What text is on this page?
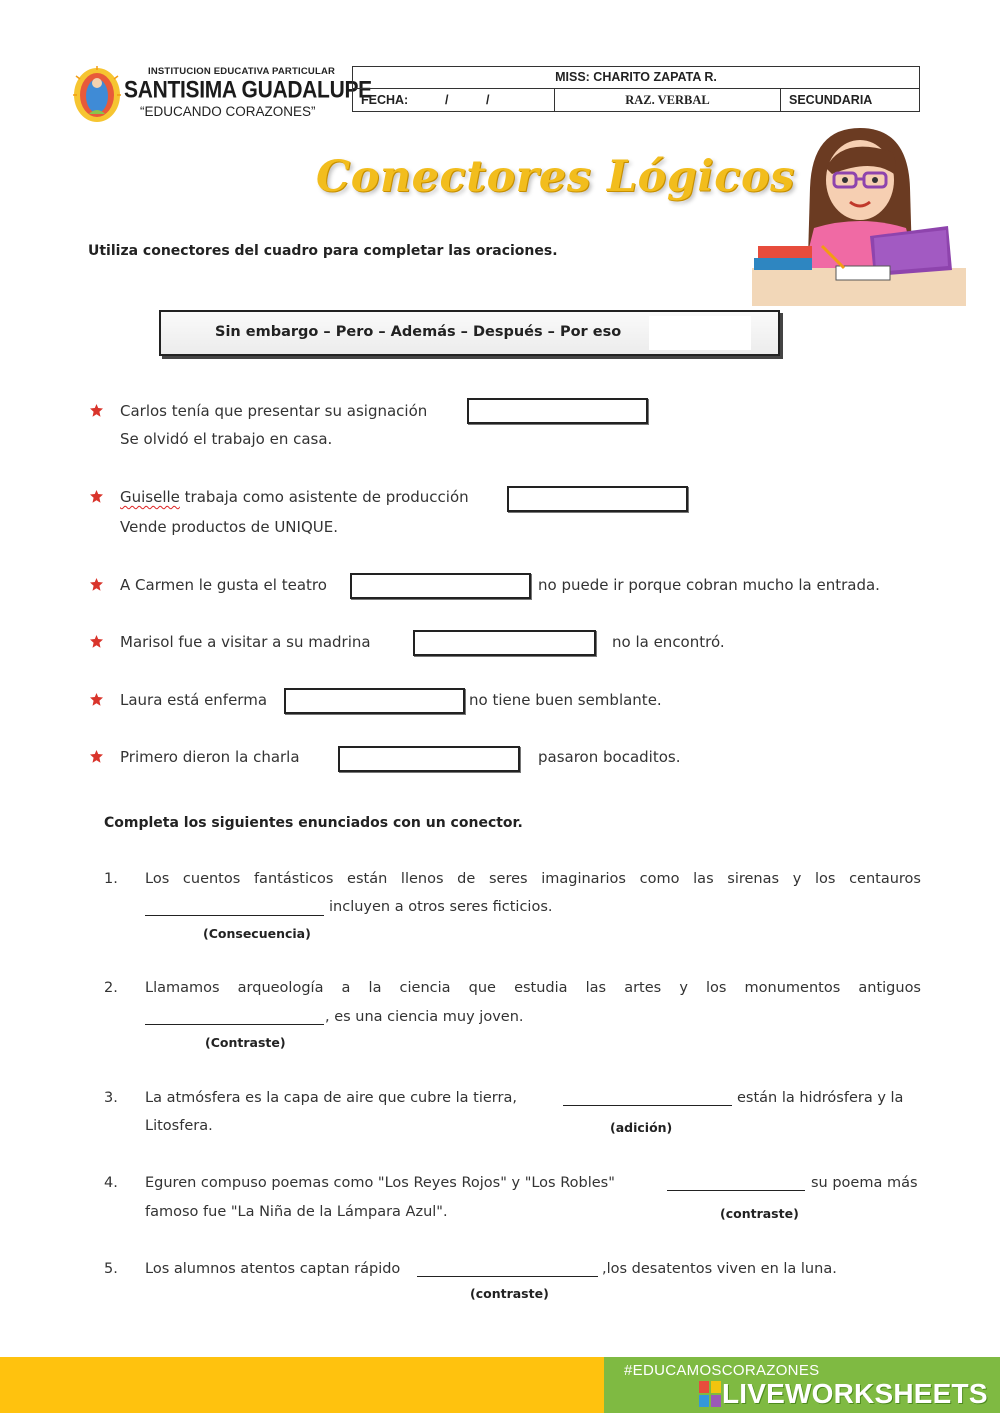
INSTITUCION EDUCATIVA PARTICULAR
SANTISIMA GUADALUPE
“EDUCANDO CORAZONES”
MISS: CHARITO ZAPATA R.
FECHA:	/	/	RAZ. VERBAL	SECUNDARIA
Conectores Lógicos
Utiliza conectores del cuadro para completar las oraciones.
Sin embargo – Pero – Además – Después – Por eso
Carlos tenía que presentar su asignación
Se olvidó el trabajo en casa.
Guiselle trabaja como asistente de producción
Vende productos de UNIQUE.
A Carmen le gusta el teatro	no puede ir porque cobran mucho la entrada.
Marisol fue a visitar a su madrina	no la encontró.
Laura está enferma	no tiene buen semblante.
Primero dieron la charla	pasaron bocaditos.
Completa los siguientes enunciados con un conector.
1. Los cuentos fantásticos están llenos de seres imaginarios como las sirenas y los centauros
incluyen a otros seres ficticios.
(Consecuencia)
2. Llamamos arqueología a la ciencia que estudia las artes y los monumentos antiguos
, es una ciencia muy joven.
(Contraste)
3. La atmósfera es la capa de aire que cubre la tierra,	están la hidrósfera y la
Litosfera.	(adición)
4. Eguren compuso poemas como "Los Reyes Rojos" y "Los Robles"	su poema más
famoso fue "La Niña de la Lámpara Azul".	(contraste)
5. Los alumnos atentos captan rápido	,los desatentos viven en la luna.
(contraste)
#EDUCAMOSCORAZONES
LIVEWORKSHEETS
